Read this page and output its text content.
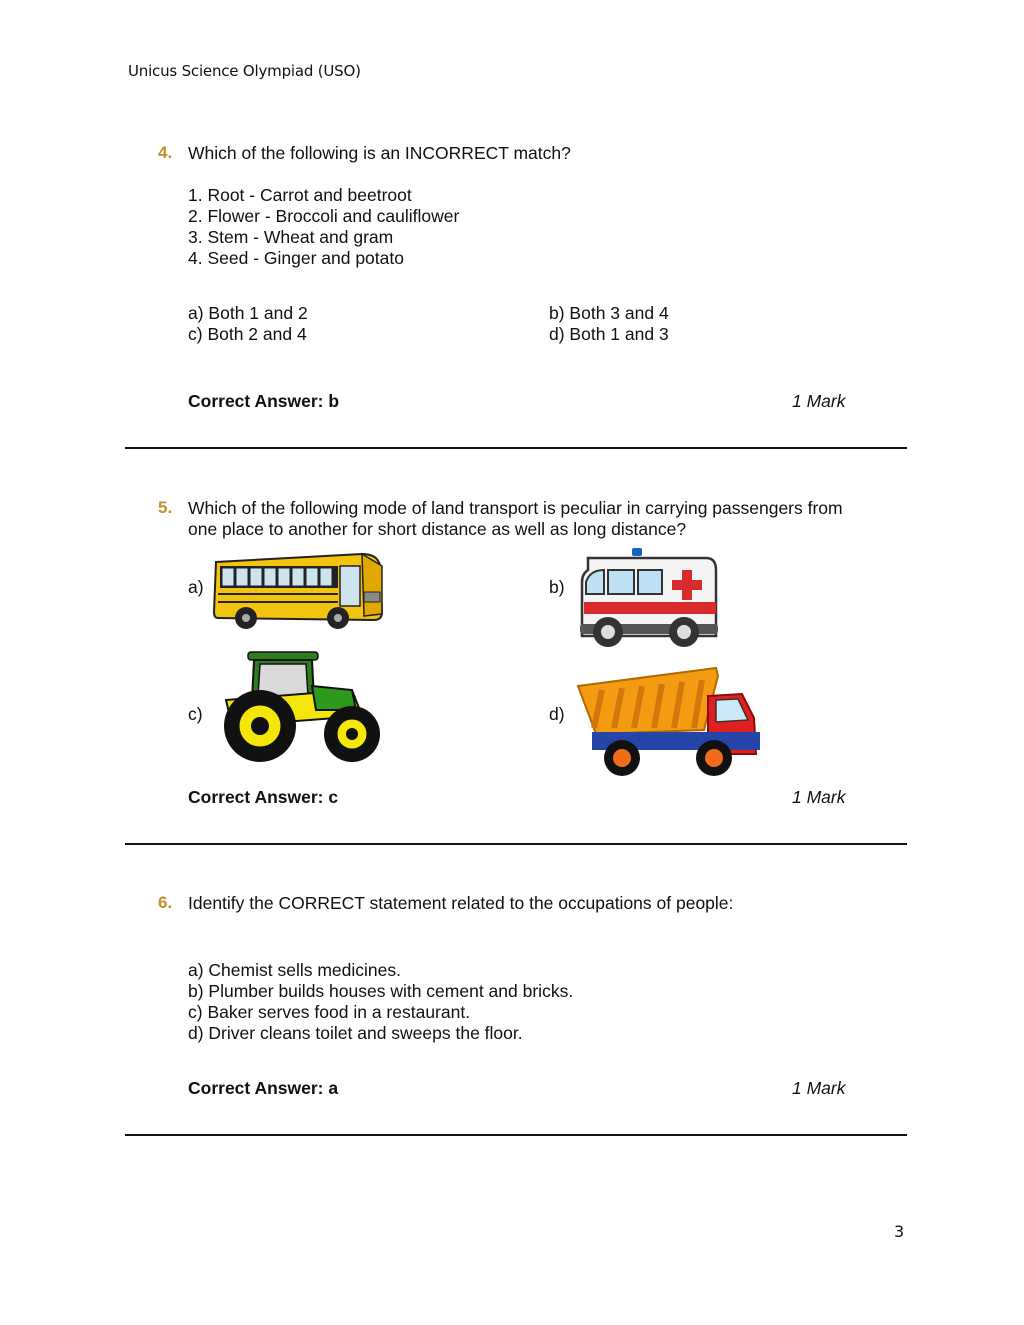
Unicus Science Olympiad (USO)
4. Which of the following is an INCORRECT match?
1. Root - Carrot and beetroot
2. Flower - Broccoli and cauliflower
3. Stem - Wheat and gram
4. Seed - Ginger and potato
a) Both 1 and 2	b) Both 3 and 4
c) Both 2 and 4	d) Both 1 and 3
Correct Answer: b	1 Mark
5. Which of the following mode of land transport is peculiar in carrying passengers from
one place to another for short distance as well as long distance?
a)	b)
c)	d)
Correct Answer: c	1 Mark
6. Identify the CORRECT statement related to the occupations of people:
a) Chemist sells medicines.
b) Plumber builds houses with cement and bricks.
c) Baker serves food in a restaurant.
d) Driver cleans toilet and sweeps the floor.
Correct Answer: a	1 Mark
3
